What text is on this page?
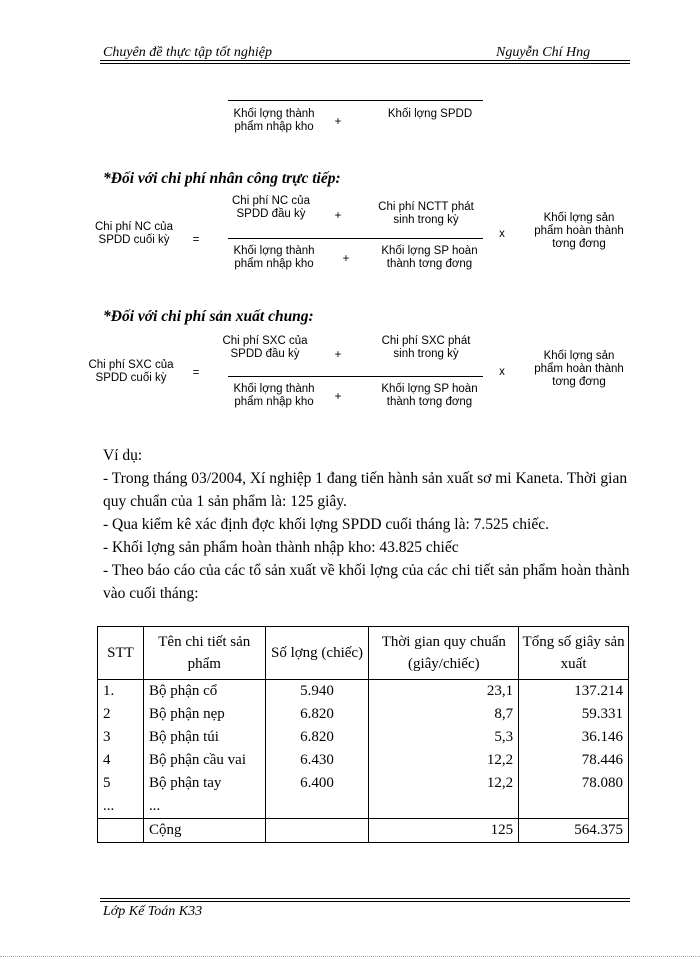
Chuyên đề thực tập tốt nghiệp	Nguyễn Chí Hng
Khối lợng thành phẩm nhập kho	+
Khối lợng SPDD
*Đối với chi phí nhân công trực tiếp:
Chi phí NC của SPDD cuối kỳ	=
Chi phí NC của SPDD đầu kỳ	+
Chi phí NCTT phát sinh trong kỳ
Khối lợng thành phẩm nhập kho	+
Khối lợng SP hoàn thành tơng đơng
x
Khối lợng sản phẩm hoàn thành tơng đơng
*Đối với chi phí sản xuất chung:
Chi phí SXC của SPDD cuối kỳ	=
Chi phí SXC của SPDD đầu kỳ	+
Chi phí SXC phát sinh trong kỳ
Khối lợng thành phẩm nhập kho	+
Khối lợng SP hoàn thành tơng đơng
x
Khối lợng sản phẩm hoàn thành tơng đơng
Ví dụ:
- Trong tháng 03/2004, Xí nghiệp 1 đang tiến hành sản xuất sơ mi Kaneta. Thời gian quy chuẩn của 1 sản phẩm là: 125 giây.
- Qua kiểm kê xác định đợc khối lợng SPDD cuối tháng là: 7.525 chiếc.
- Khối lợng sản phẩm hoàn thành nhập kho: 43.825 chiếc
- Theo báo cáo của các tổ sản xuất về khối lợng của các chi tiết sản phẩm hoàn thành vào cuối tháng:
STT	Tên chi tiết sản phẩm	Số lợng (chiếc)	Thời gian quy chuẩn (giây/chiếc)	Tổng số giây sản xuất
1.	Bộ phận cổ	5.940	23,1	137.214
2	Bộ phận nẹp	6.820	8,7	59.331
3	Bộ phận túi	6.820	5,3	36.146
4	Bộ phận cầu vai	6.430	12,2	78.446
5	Bộ phận tay	6.400	12,2	78.080
...	...			
	Cộng		125	564.375
Lớp Kế Toán K33
